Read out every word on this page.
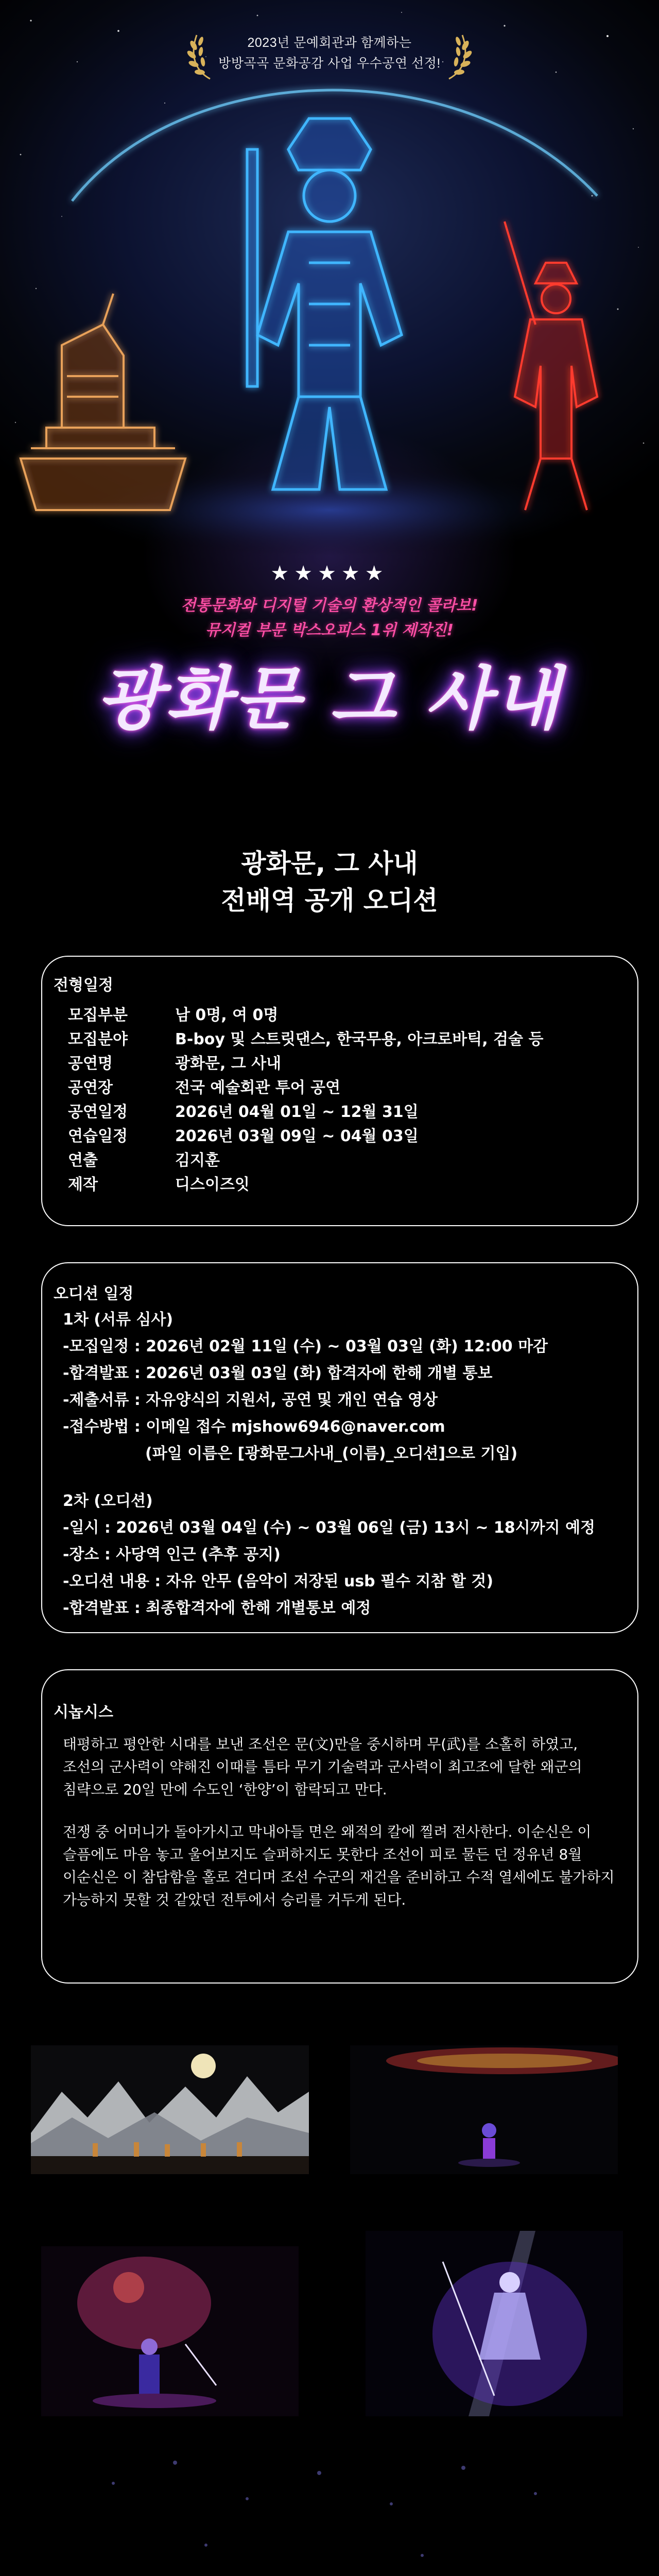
2023년 문예회관과 함께하는
방방곡곡 문화공감 사업 우수공연 선정!
★★★★★
전통문화와 디지털 기술의 환상적인 콜라보!
뮤지컬 부문 박스오피스 1위 제작진!
광화문 그 사내
광화문, 그 사내
전배역 공개 오디션
전형일정
모집부분	남 0명, 여 0명
모집분야	B-boy 및 스트릿댄스, 한국무용, 아크로바틱, 검술 등
공연명	광화문, 그 사내
공연장	전국 예술회관 투어 공연
공연일정	2026년 04월 01일 ~ 12월 31일
연습일정	2026년 03월 09일 ~ 04월 03일
연출	김지훈
제작	디스이즈잇
오디션 일정
1차 (서류 심사)
-모집일정 : 2026년 02월 11일 (수) ~ 03월 03일 (화) 12:00 마감
-합격발표 : 2026년 03월 03일 (화) 합격자에 한해 개별 통보
-제출서류 : 자유양식의 지원서, 공연 및 개인 연습 영상
-접수방법 : 이메일 접수 mjshow6946@naver.com
(파일 이름은 [광화문그사내_(이름)_오디션]으로 기입)
2차 (오디션)
-일시 : 2026년 03월 04일 (수) ~ 03월 06일 (금) 13시 ~ 18시까지 예정
-장소 : 사당역 인근 (추후 공지)
-오디션 내용 : 자유 안무 (음악이 저장된 usb 필수 지참 할 것)
-합격발표 : 최종합격자에 한해 개별통보 예정
시놉시스

태평하고 평안한 시대를 보낸 조선은 문(文)만을 중시하며 무(武)를 소홀히 하였고, 조선의 군사력이 약해진 이때를 틈타 무기 기술력과 군사력이 최고조에 달한 왜군의 침략으로 20일 만에 수도인 ‘한양’이 함락되고 만다.

전쟁 중 어머니가 돌아가시고 막내아들 면은 왜적의 칼에 찔려 전사한다. 이순신은 이 슬픔에도 마음 놓고 울어보지도 슬퍼하지도 못한다 조선이 피로 물든 던 정유년 8월 이순신은 이 참담함을 홀로 견디며 조선 수군의 재건을 준비하고 수적 열세에도 불가하지 가능하지 못할 것 같았던 전투에서 승리를 거두게 된다.
